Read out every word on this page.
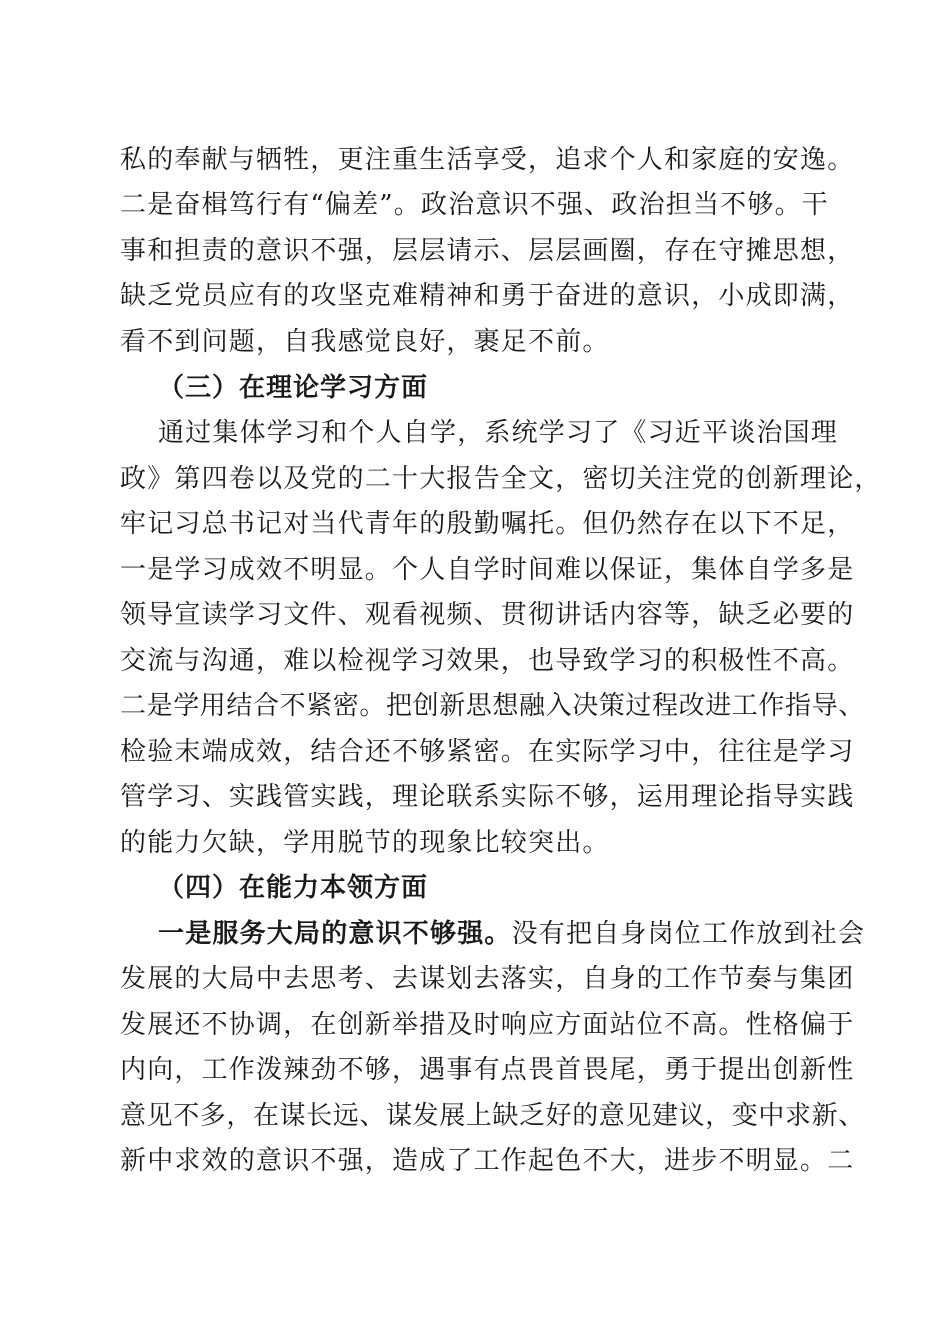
私的奉献与牺牲，更注重生活享受，追求个人和家庭的安逸。
二是奋楫笃行有“偏差”。政治意识不强、政治担当不够。干
事和担责的意识不强，层层请示、层层画圈，存在守摊思想，
缺乏党员应有的攻坚克难精神和勇于奋进的意识，小成即满，
看不到问题，自我感觉良好，裹足不前。
（三）在理论学习方面
通过集体学习和个人自学，系统学习了《习近平谈治国理
政》第四卷以及党的二十大报告全文，密切关注党的创新理论，
牢记习总书记对当代青年的殷勤嘱托。但仍然存在以下不足，
一是学习成效不明显。个人自学时间难以保证，集体自学多是
领导宣读学习文件、观看视频、贯彻讲话内容等，缺乏必要的
交流与沟通，难以检视学习效果，也导致学习的积极性不高。
二是学用结合不紧密。把创新思想融入决策过程改进工作指导、
检验末端成效，结合还不够紧密。在实际学习中，往往是学习
管学习、实践管实践，理论联系实际不够，运用理论指导实践
的能力欠缺，学用脱节的现象比较突出。
（四）在能力本领方面
一是服务大局的意识不够强。没有把自身岗位工作放到社会
发展的大局中去思考、去谋划去落实，自身的工作节奏与集团
发展还不协调，在创新举措及时响应方面站位不高。性格偏于
内向，工作泼辣劲不够，遇事有点畏首畏尾，勇于提出创新性
意见不多，在谋长远、谋发展上缺乏好的意见建议，变中求新、
新中求效的意识不强，造成了工作起色不大，进步不明显。二
